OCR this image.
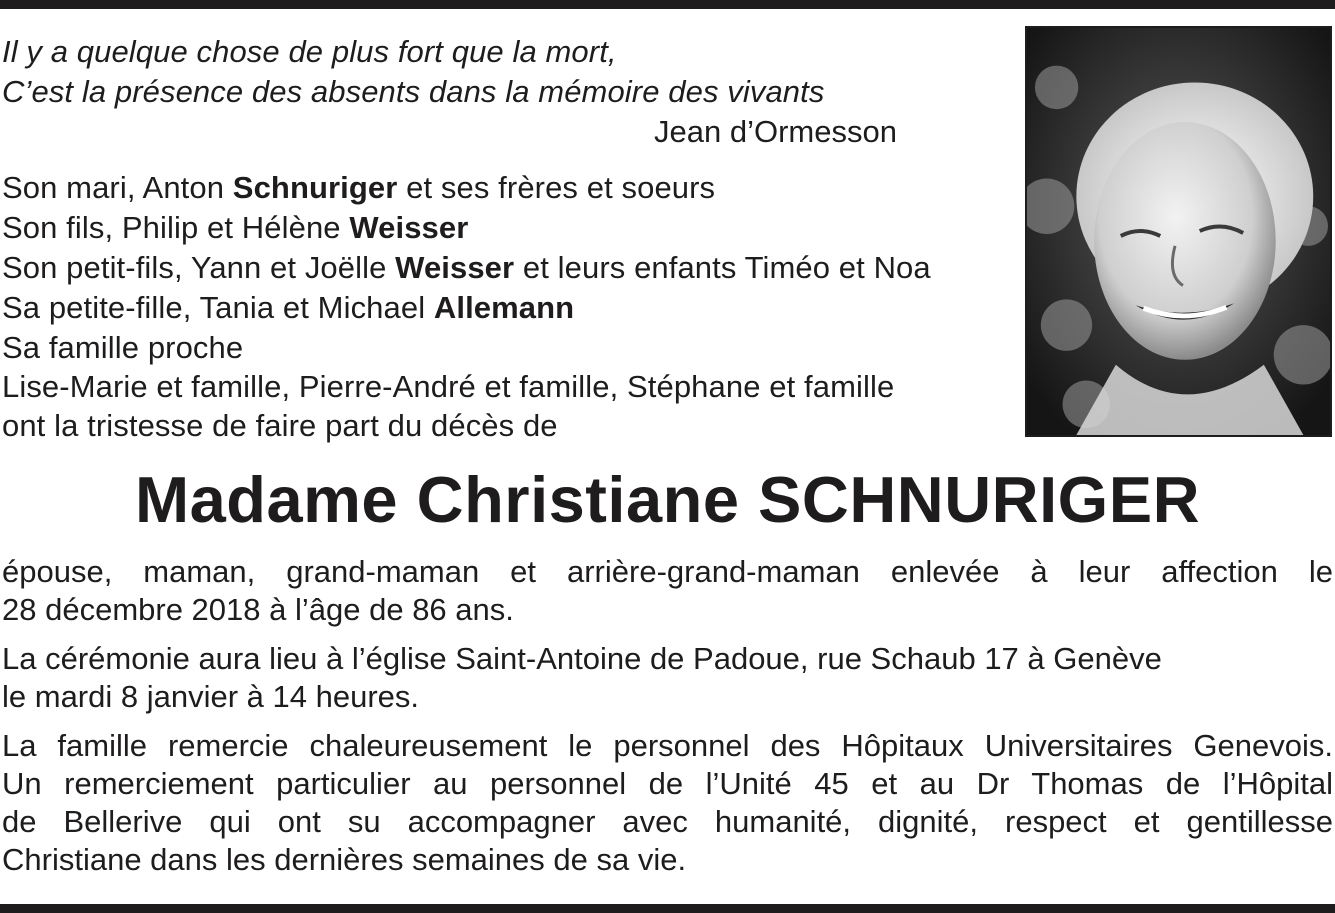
Il y a quelque chose de plus fort que la mort,
C’est la présence des absents dans la mémoire des vivants
Jean d’Ormesson
Son mari, Anton Schnuriger et ses frères et soeurs
Son fils, Philip et Hélène Weisser
Son petit-fils, Yann et Joëlle Weisser et leurs enfants Timéo et Noa
Sa petite-fille, Tania et Michael Allemann
Sa famille proche
Lise-Marie et famille, Pierre-André et famille, Stéphane et famille
ont la tristesse de faire part du décès de
Madame Christiane SCHNURIGER
épouse, maman, grand-maman et arrière-grand-maman enlevée à leur affection le
28 décembre 2018 à l’âge de 86 ans.
La cérémonie aura lieu à l’église Saint-Antoine de Padoue, rue Schaub 17 à Genève
le mardi 8 janvier à 14 heures.
La famille remercie chaleureusement le personnel des Hôpitaux Universitaires Genevois.
Un remerciement particulier au personnel de l’Unité 45 et au Dr Thomas de l’Hôpital
de Bellerive qui ont su accompagner avec humanité, dignité, respect et gentillesse
Christiane dans les dernières semaines de sa vie.
